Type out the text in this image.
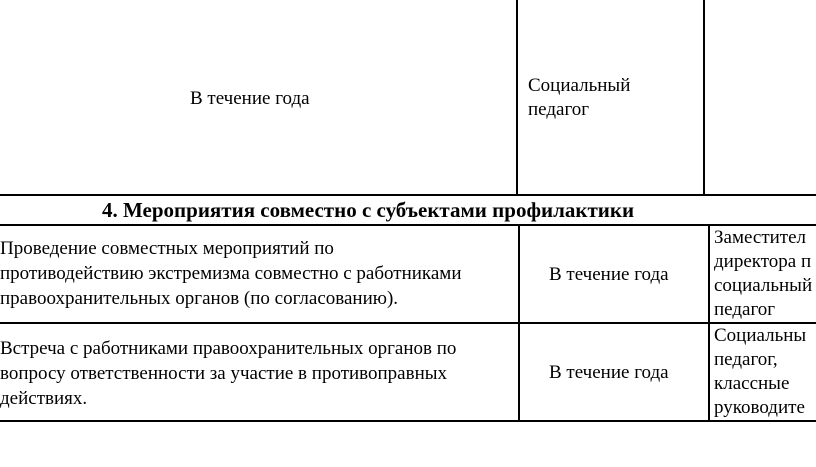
В течение года
Социальный
педагог
4. Мероприятия совместно с субъектами профилактики
Проведение совместных мероприятий по
противодействию экстремизма совместно с работниками
правоохранительных органов (по согласованию).
В течение года
Заместител
директора п
социальный
педагог
Встреча с работниками правоохранительных органов по
вопросу ответственности за участие в противоправных
действиях.
В течение года
Социальны
педагог,
классные
руководите
